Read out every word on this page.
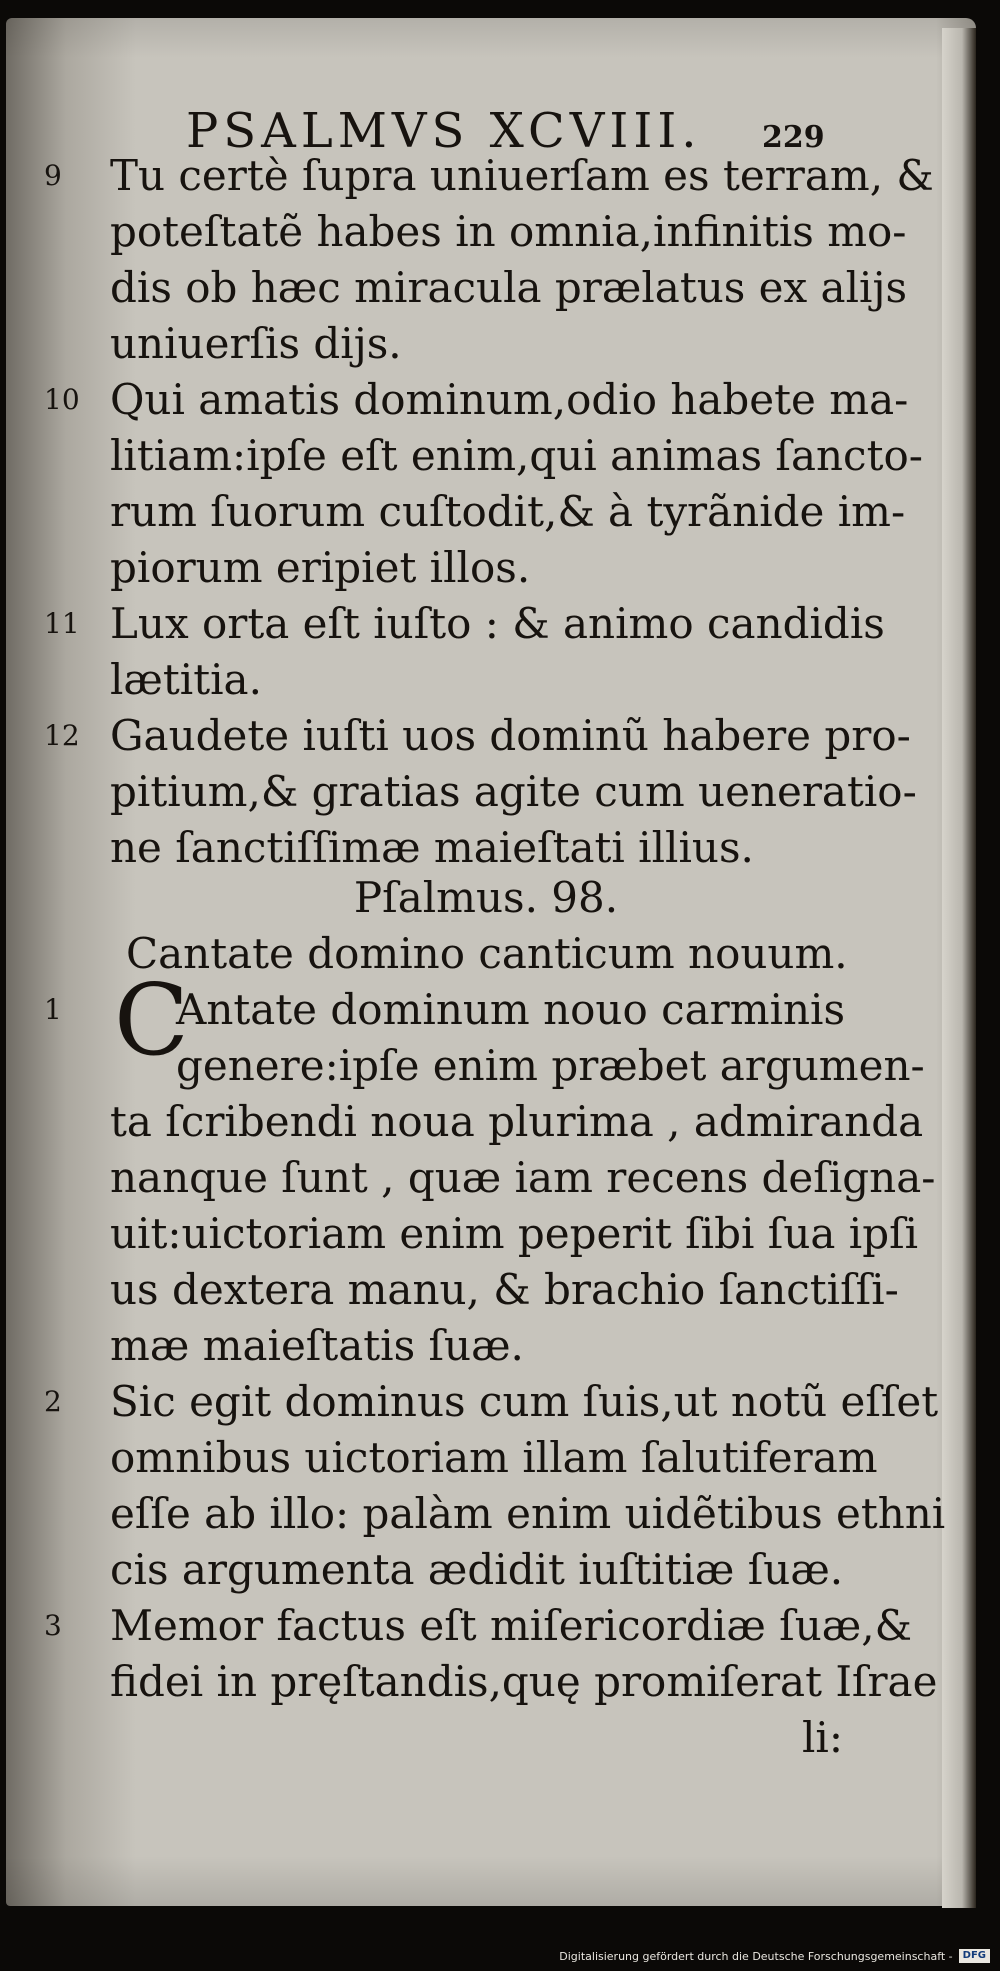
PSALMVS XCVIII.	229
9	Tu certè ſupra uniuerſam es terram, &
poteſtatẽ habes in omnia,infinitis mo-
dis ob hæc miracula prælatus ex aliјs
uniuerſis dijs.
10 Qui amatis dominum,odio habete ma-
litiam:ipſe eſt enim,qui animas ſancto-
rum ſuorum cuſtodit,& à tyrãnide im-
piorum eripiet illos.
11 Lux orta eſt iuſto : & animo candidis
lætitia.
12 Gaudete iuſti uos dominũ habere pro-
pitium,& gratias agite cum ueneratio-
ne ſanctiſſimæ maieſtati illius.
Pſalmus. 98.
Cantate domino canticum nouum.
1 C
Antate dominum nouo carminis
genere:ipſe enim præbet argumen-
ta ſcribendi noua plurima , admiranda
nanque ſunt , quæ iam recens deſigna-
uit:uictoriam enim peperit ſibi ſua ipſi
us dextera manu, & brachio ſanctiſſi-
mæ maieſtatis ſuæ.
2	Sic egit dominus cum ſuis,ut notũ eſſet
omnibus uictoriam illam ſalutiferam
eſſe ab illo: palàm enim uidẽtibus ethni
cis argumenta ædidit iuſtitiæ ſuæ.
3	Memor factus eſt miſericordiæ ſuæ,&
fidei in pręſtandis,quę promiſerat Iſrae
li:
Digitalisierung gefördert durch die Deutsche Forschungsgemeinschaft -	DFG
